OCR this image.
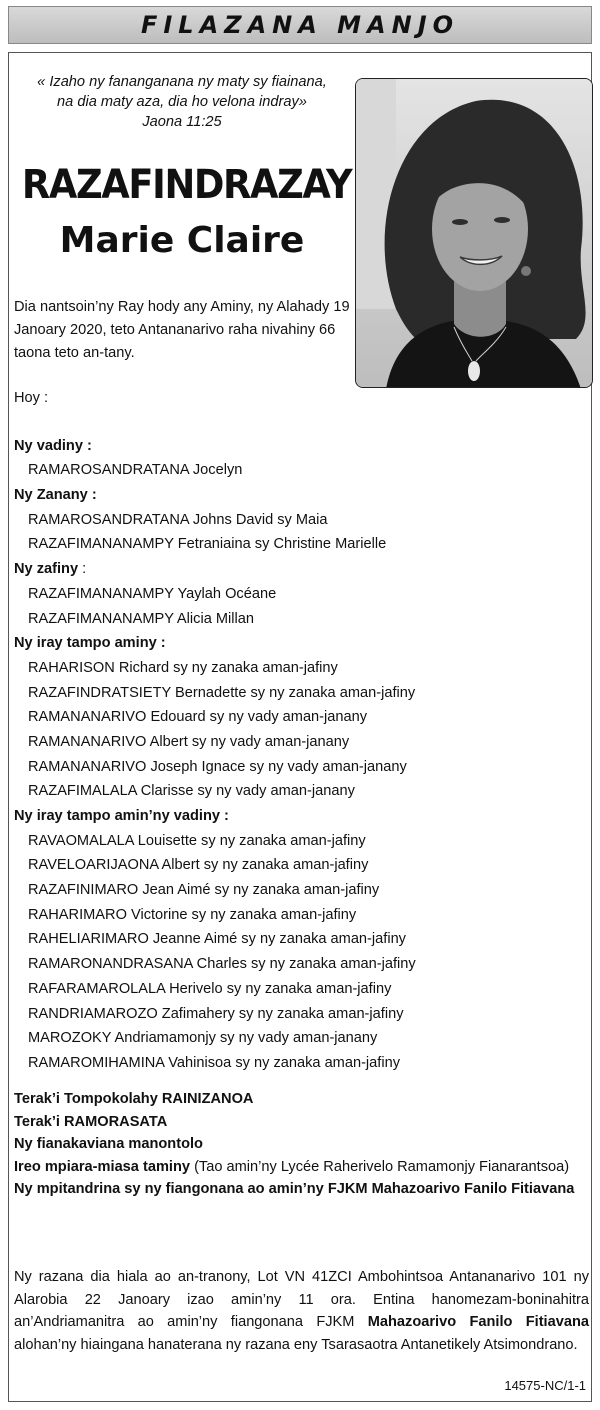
FILAZANA MANJO
« Izaho ny fananganana ny maty sy fiainana,
na dia maty aza, dia ho velona indray»
Jaona 11:25
RAZAFINDRAZAY
Marie Claire
Dia nantsoin’ny Ray hody any Aminy, ny Alahady 19 Janoary 2020, teto Antananarivo raha nivahiny 66 taona teto an-tany.
Hoy :
Ny vadiny :
RAMAROSANDRATANA Jocelyn
Ny Zanany :
RAMAROSANDRATANA Johns David sy Maia
RAZAFIMANANAMPY Fetraniaina sy Christine Marielle
Ny zafiny :
RAZAFIMANANAMPY Yaylah Océane
RAZAFIMANANAMPY Alicia Millan
Ny iray tampo aminy :
RAHARISON Richard sy ny zanaka aman-jafiny
RAZAFINDRATSIETY Bernadette sy ny zanaka aman-jafiny
RAMANANARIVO Edouard sy ny vady aman-janany
RAMANANARIVO Albert sy ny vady aman-janany
RAMANANARIVO Joseph Ignace sy ny vady aman-janany
RAZAFIMALALA Clarisse sy ny vady aman-janany
Ny iray tampo amin’ny vadiny :
RAVAOMALALA Louisette sy ny zanaka aman-jafiny
RAVELOARIJAONA Albert sy ny zanaka aman-jafiny
RAZAFINIMARO Jean Aimé sy ny zanaka aman-jafiny
RAHARIMARO Victorine sy ny zanaka aman-jafiny
RAHELIARIMARO Jeanne Aimé sy ny zanaka aman-jafiny
RAMARONANDRASANA Charles sy ny zanaka aman-jafiny
RAFARAMAROLALA Herivelo sy ny zanaka aman-jafiny
RANDRIAMAROZO Zafimahery sy ny zanaka aman-jafiny
MAROZOKY Andriamamonjy sy ny vady aman-janany
RAMAROMIHAMINA Vahinisoa sy ny zanaka aman-jafiny
Terak’i Tompokolahy RAINIZANOA
Terak’i RAMORASATA
Ny fianakaviana manontolo
Ireo mpiara-miasa taminy (Tao amin’ny Lycée Raherivelo Ramamonjy Fianarantsoa)
Ny mpitandrina sy ny fiangonana ao amin’ny FJKM Mahazoarivo Fanilo Fitiavana
Ny razana dia hiala ao an-tranony, Lot VN 41ZCI Ambohintsoa Antananarivo 101 ny Alarobia 22 Janoary izao amin’ny 11 ora. Entina hanomezam-boninahitra an’Andriamanitra ao amin’ny fiangonana FJKM Mahazoarivo Fanilo Fitiavana alohan’ny hiaingana hanaterana ny razana eny Tsarasaotra Antanetikely Atsimondrano.
14575-NC/1-1
